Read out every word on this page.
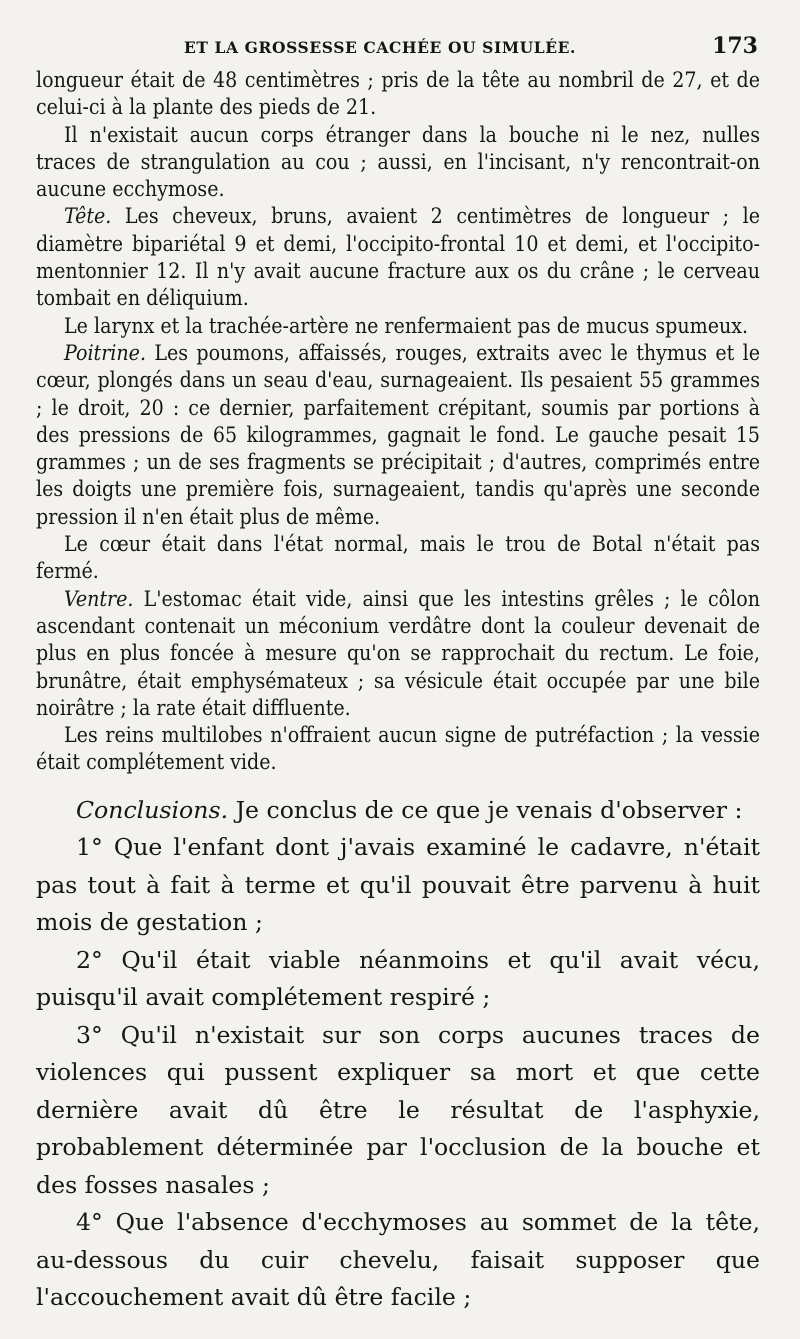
ET LA GROSSESSE CACHÉE OU SIMULÉE.	173

longueur était de 48 centimètres ; pris de la tête au nombril de 27, et de celui-ci à la plante des pieds de 21.

Il n'existait aucun corps étranger dans la bouche ni le nez, nulles traces de strangulation au cou ; aussi, en l'incisant, n'y rencontrait-on aucune ecchymose.

Tête. Les cheveux, bruns, avaient 2 centimètres de longueur ; le diamètre bipariétal 9 et demi, l'occipito-frontal 10 et demi, et l'occipito-mentonnier 12. Il n'y avait aucune fracture aux os du crâne ; le cerveau tombait en déliquium.

Le larynx et la trachée-artère ne renfermaient pas de mucus spumeux.

Poitrine. Les poumons, affaissés, rouges, extraits avec le thymus et le cœur, plongés dans un seau d'eau, surnageaient. Ils pesaient 55 grammes ; le droit, 20 : ce dernier, parfaitement crépitant, soumis par portions à des pressions de 65 kilogrammes, gagnait le fond. Le gauche pesait 15 grammes ; un de ses fragments se précipitait ; d'autres, comprimés entre les doigts une première fois, surnageaient, tandis qu'après une seconde pression il n'en était plus de même.

Le cœur était dans l'état normal, mais le trou de Botal n'était pas fermé.

Ventre. L'estomac était vide, ainsi que les intestins grêles ; le côlon ascendant contenait un méconium verdâtre dont la couleur devenait de plus en plus foncée à mesure qu'on se rapprochait du rectum. Le foie, brunâtre, était emphysémateux ; sa vésicule était occupée par une bile noirâtre ; la rate était diffluente.

Les reins multilobes n'offraient aucun signe de putréfaction ; la vessie était complétement vide.

Conclusions. Je conclus de ce que je venais d'observer :

1° Que l'enfant dont j'avais examiné le cadavre, n'était pas tout à fait à terme et qu'il pouvait être parvenu à huit mois de gestation ;

2° Qu'il était viable néanmoins et qu'il avait vécu, puisqu'il avait complétement respiré ;

3° Qu'il n'existait sur son corps aucunes traces de violences qui pussent expliquer sa mort et que cette dernière avait dû être le résultat de l'asphyxie, probablement déterminée par l'occlusion de la bouche et des fosses nasales ;

4° Que l'absence d'ecchymoses au sommet de la tête, au-dessous du cuir chevelu, faisait supposer que l'accouchement avait dû être facile ;
